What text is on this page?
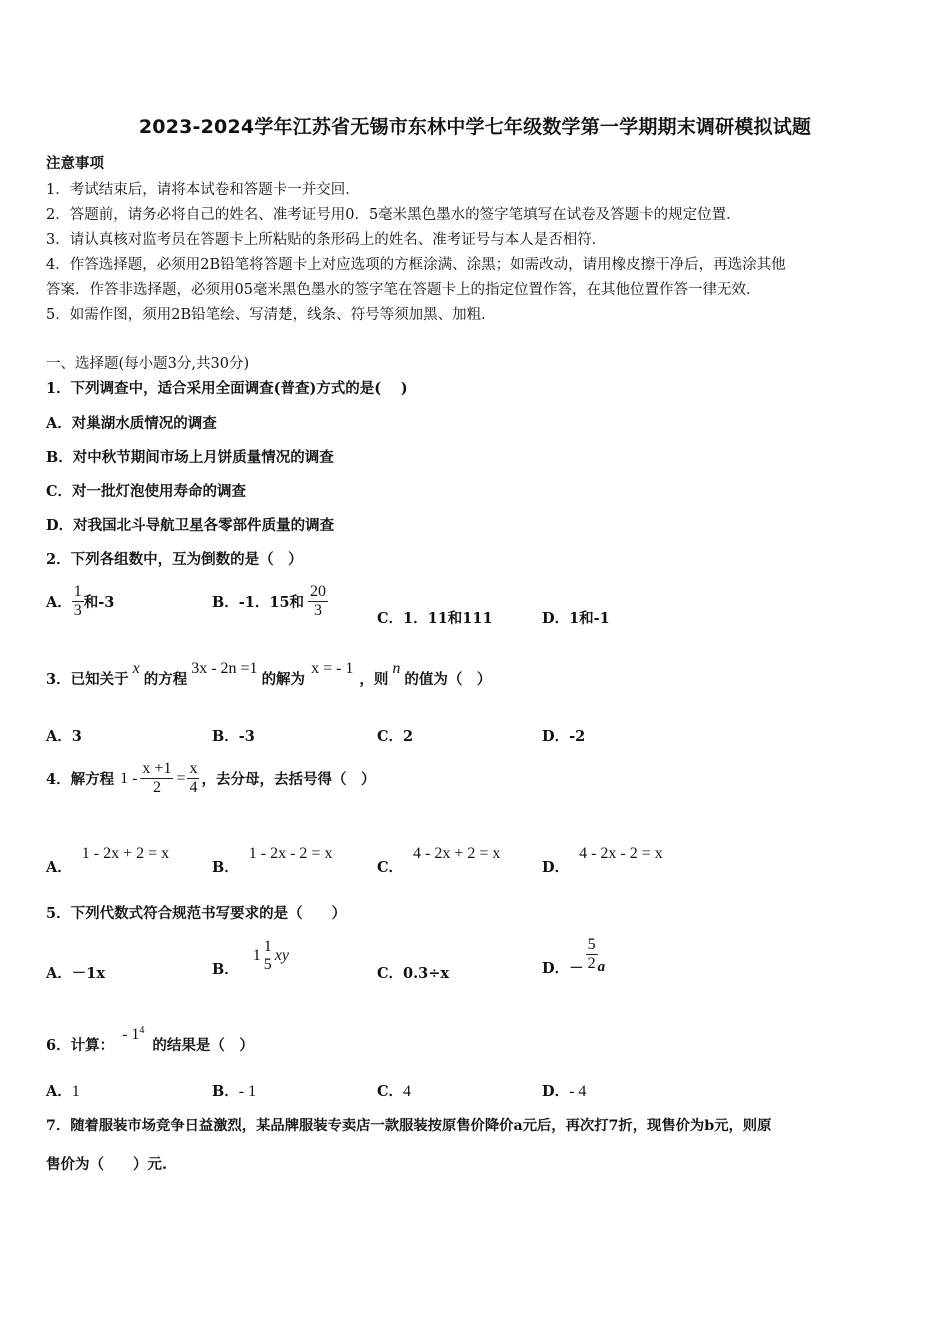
2023-2024学年江苏省无锡市东林中学七年级数学第一学期期末调研模拟试题
注意事项
1．考试结束后，请将本试卷和答题卡一并交回．
2．答题前，请务必将自己的姓名、准考证号用0．5毫米黑色墨水的签字笔填写在试卷及答题卡的规定位置．
3．请认真核对监考员在答题卡上所粘贴的条形码上的姓名、准考证号与本人是否相符．
4．作答选择题，必须用2B铅笔将答题卡上对应选项的方框涂满、涂黑；如需改动，请用橡皮擦干净后，再选涂其他
答案．作答非选择题，必须用05毫米黑色墨水的签字笔在答题卡上的指定位置作答，在其他位置作答一律无效．
5．如需作图，须用2B铅笔绘、写清楚，线条、符号等须加黑、加粗．
一、选择题(每小题3分,共30分)
1．下列调查中，适合采用全面调查(普查)方式的是(　 )
A．对巢湖水质情况的调查
B．对中秋节期间市场上月饼质量情况的调查
C．对一批灯泡使用寿命的调查
D．对我国北斗导航卫星各零部件质量的调查
2．下列各组数中，互为倒数的是（　）
A． $\frac{1}{3}$ 和-3	B．-1．15和 $\frac{20}{3}$	C．1．11和111	D．1和-1
3．已知关于
x
的方程
3x - 2n =1
的解为
x = - 1
，则
n
的值为（　）
A．3	B．-3	C．2	D．-2
4．解方程 $1 - \frac{x +1}{2} = \frac{x}{4}$ ，去分母，去括号得（　）
A．1 - 2x + 2 = x
B．1 - 2x - 2 = x
C．4 - 2x + 2 = x
D．4 - 2x - 2 = x
5．下列代数式符合规范书写要求的是（　　）
A．－1x	B．
1
1
5
xy
C．0.3÷x	D．－ $\frac{5}{2}$ a
6．计算：
- 1 4
的结果是（　）
A．1	B．- 1	C．4	D．- 4
7．随着服装市场竞争日益激烈，某品牌服装专卖店一款服装按原售价降价a元后，再次打7折，现售价为b元，则原
售价为（　　）元.
